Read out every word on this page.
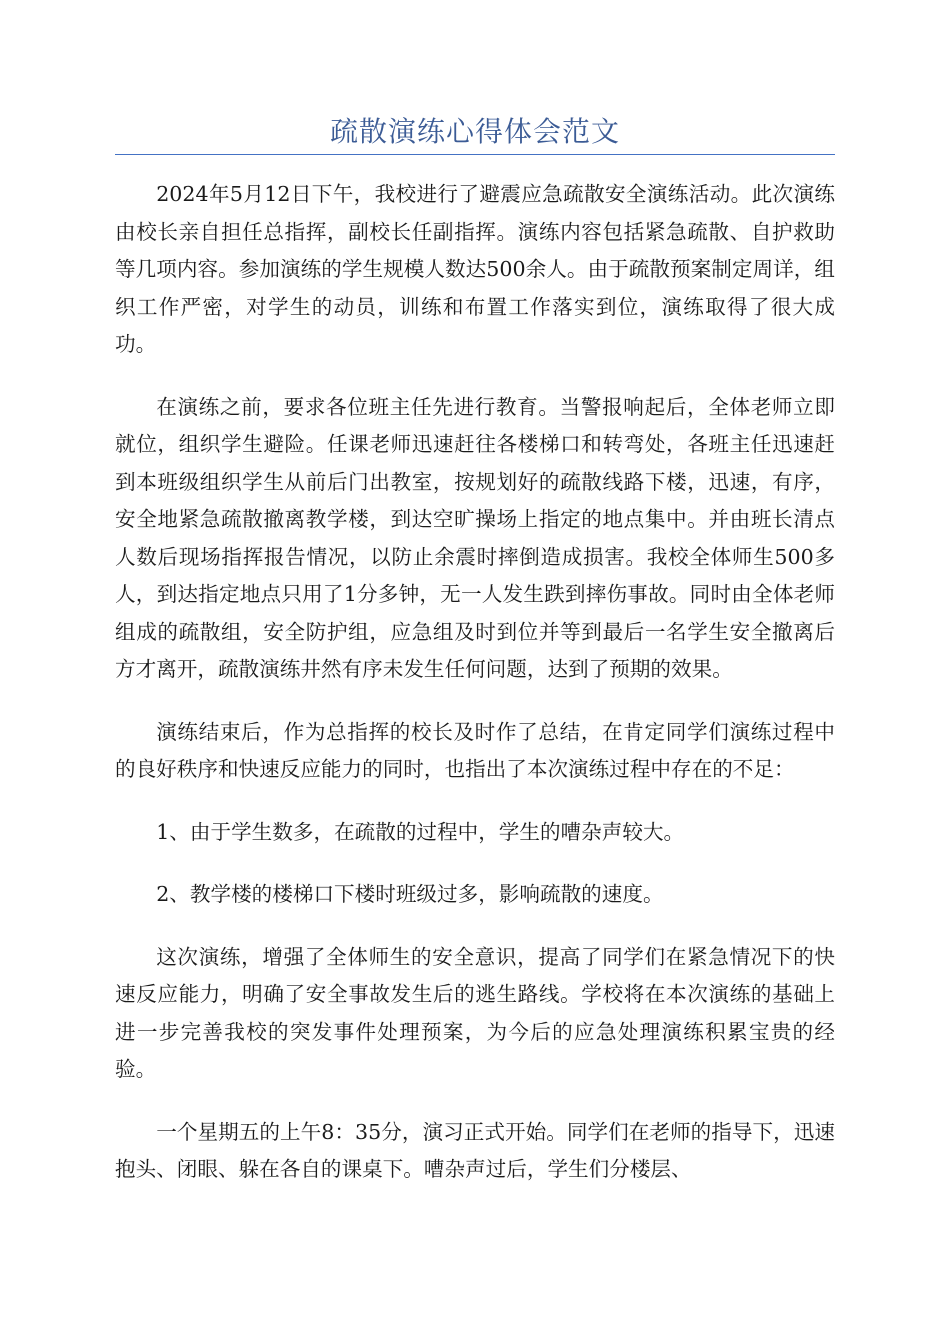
疏散演练心得体会范文

2024年5月12日下午，我校进行了避震应急疏散安全演练活动。此次演练由校长亲自担任总指挥，副校长任副指挥。演练内容包括紧急疏散、自护救助等几项内容。参加演练的学生规模人数达500余人。由于疏散预案制定周详，组织工作严密，对学生的动员，训练和布置工作落实到位，演练取得了很大成功。

在演练之前，要求各位班主任先进行教育。当警报响起后，全体老师立即就位，组织学生避险。任课老师迅速赶往各楼梯口和转弯处，各班主任迅速赶到本班级组织学生从前后门出教室，按规划好的疏散线路下楼，迅速，有序，安全地紧急疏散撤离教学楼，到达空旷操场上指定的地点集中。并由班长清点人数后现场指挥报告情况，以防止余震时摔倒造成损害。我校全体师生500多人，到达指定地点只用了1分多钟，无一人发生跌到摔伤事故。同时由全体老师组成的疏散组，安全防护组，应急组及时到位并等到最后一名学生安全撤离后方才离开，疏散演练井然有序未发生任何问题，达到了预期的效果。

演练结束后，作为总指挥的校长及时作了总结，在肯定同学们演练过程中的良好秩序和快速反应能力的同时，也指出了本次演练过程中存在的不足：

1、由于学生数多，在疏散的过程中，学生的嘈杂声较大。

2、教学楼的楼梯口下楼时班级过多，影响疏散的速度。

这次演练，增强了全体师生的安全意识，提高了同学们在紧急情况下的快速反应能力，明确了安全事故发生后的逃生路线。学校将在本次演练的基础上进一步完善我校的突发事件处理预案，为今后的应急处理演练积累宝贵的经验。

一个星期五的上午8：35分，演习正式开始。同学们在老师的指导下，迅速抱头、闭眼、躲在各自的课桌下。嘈杂声过后，学生们分楼层、
